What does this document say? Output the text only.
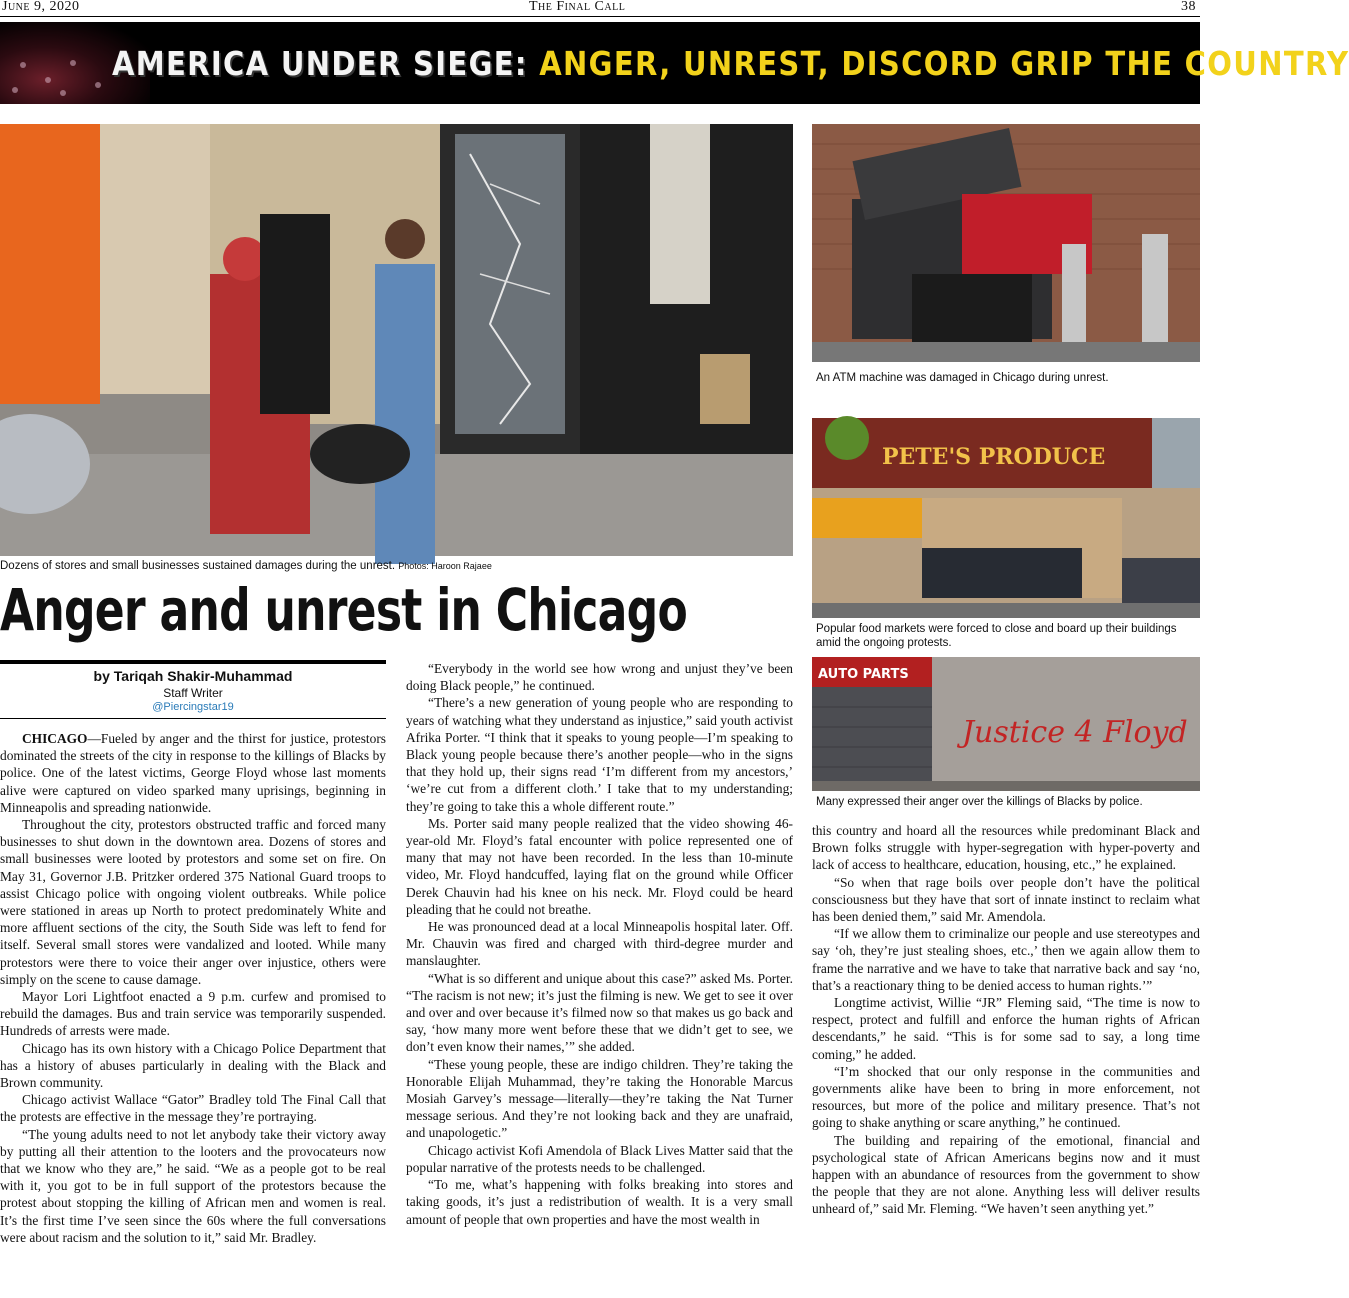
June 9, 2020	The Final Call	38
AMERICA UNDER SIEGE: ANGER, UNREST, DISCORD GRIP THE COUNTRY
Dozens of stores and small businesses sustained damages during the unrest. Photos: Haroon Rajaee
Anger and unrest in Chicago
An ATM machine was damaged in Chicago during unrest.
PETE'S PRODUCE
Popular food markets were forced to close and board up their buildings amid the ongoing protests.
AUTO PARTS
Justice 4 Floyd
Many expressed their anger over the killings of Blacks by police.
by Tariqah Shakir-Muhammad
Staff Writer
@Piercingstar19

CHICAGO—Fueled by anger and the thirst for justice, protestors dominated the streets of the city in response to the killings of Blacks by police. One of the latest victims, George Floyd whose last moments alive were captured on video sparked many uprisings, beginning in Minneapolis and spreading nationwide.

Throughout the city, protestors obstructed traffic and forced many businesses to shut down in the downtown area. Dozens of stores and small businesses were looted by protestors and some set on fire. On May 31, Governor J.B. Pritzker ordered 375 National Guard troops to assist Chicago police with ongoing violent outbreaks. While police were stationed in areas up North to protect predominately White and more affluent sections of the city, the South Side was left to fend for itself. Several small stores were vandalized and looted. While many protestors were there to voice their anger over injustice, others were simply on the scene to cause damage.

Mayor Lori Lightfoot enacted a 9 p.m. curfew and promised to rebuild the damages. Bus and train service was temporarily suspended. Hundreds of arrests were made.

Chicago has its own history with a Chicago Police Department that has a history of abuses particularly in dealing with the Black and Brown community.

Chicago activist Wallace “Gator” Bradley told The Final Call that the protests are effective in the message they’re portraying.

“The young adults need to not let anybody take their victory away by putting all their attention to the looters and the provocateurs now that we know who they are,” he said. “We as a people got to be real with it, you got to be in full support of the protestors because the protest about stopping the killing of African men and women is real. It’s the first time I’ve seen since the 60s where the full conversations were about racism and the solution to it,” said Mr. Bradley.

“Everybody in the world see how wrong and unjust they’ve been doing Black people,” he continued.

“There’s a new generation of young people who are responding to years of watching what they understand as injustice,” said youth activist Afrika Porter. “I think that it speaks to young people—I’m speaking to Black young people because there’s another people—who in the signs that they hold up, their signs read ‘I’m different from my ancestors,’ ‘we’re cut from a different cloth.’ I take that to my understanding; they’re going to take this a whole different route.”

Ms. Porter said many people realized that the video showing 46-year-old Mr. Floyd’s fatal encounter with police represented one of many that may not have been recorded. In the less than 10-minute video, Mr. Floyd handcuffed, laying flat on the ground while Officer Derek Chauvin had his knee on his neck. Mr. Floyd could be heard pleading that he could not breathe.

He was pronounced dead at a local Minneapolis hospital later. Off. Mr. Chauvin was fired and charged with third-degree murder and manslaughter.

“What is so different and unique about this case?” asked Ms. Porter. “The racism is not new; it’s just the filming is new. We get to see it over and over and over because it’s filmed now so that makes us go back and say, ‘how many more went before these that we didn’t get to see, we don’t even know their names,’” she added.

“These young people, these are indigo children. They’re taking the Honorable Elijah Muhammad, they’re taking the Honorable Marcus Mosiah Garvey’s message—literally—they’re taking the Nat Turner message serious. And they’re not looking back and they are unafraid, and unapologetic.”

Chicago activist Kofi Amendola of Black Lives Matter said that the popular narrative of the protests needs to be challenged.

“To me, what’s happening with folks breaking into stores and taking goods, it’s just a redistribution of wealth. It is a very small amount of people that own properties and have the most wealth in

this country and hoard all the resources while predominant Black and Brown folks struggle with hyper-segregation with hyper-poverty and lack of access to healthcare, education, housing, etc.,” he explained.

“So when that rage boils over people don’t have the political consciousness but they have that sort of innate instinct to reclaim what has been denied them,” said Mr. Amendola.

“If we allow them to criminalize our people and use stereotypes and say ‘oh, they’re just stealing shoes, etc.,’ then we again allow them to frame the narrative and we have to take that narrative back and say ‘no, that’s a reactionary thing to be denied access to human rights.’”

Longtime activist, Willie “JR” Fleming said, “The time is now to respect, protect and fulfill and enforce the human rights of African descendants,” he said. “This is for some sad to say, a long time coming,” he added.

“I’m shocked that our only response in the communities and governments alike have been to bring in more enforcement, not resources, but more of the police and military presence. That’s not going to shake anything or scare anything,” he continued.

The building and repairing of the emotional, financial and psychological state of African Americans begins now and it must happen with an abundance of resources from the government to show the people that they are not alone. Anything less will deliver results unheard of,” said Mr. Fleming. “We haven’t seen anything yet.”
